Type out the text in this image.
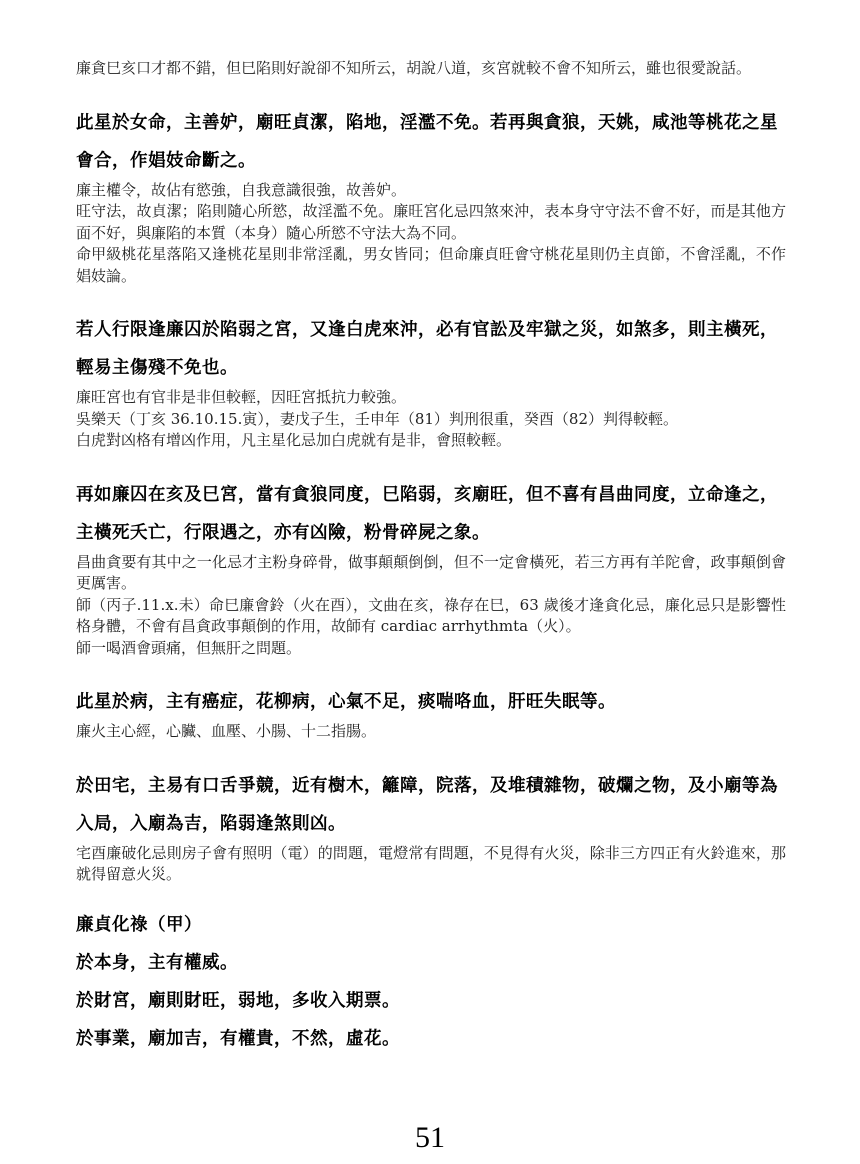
廉貪巳亥口才都不錯，但巳陷則好說卻不知所云，胡說八道，亥宮就較不會不知所云，雖也很愛說話。

此星於女命，主善妒，廟旺貞潔，陷地，淫濫不免。若再與貪狼，天姚，咸池等桃花之星會合，作娼妓命斷之。

廉主權令，故佔有慾強，自我意識很強，故善妒。

旺守法，故貞潔；陷則隨心所慾，故淫濫不免。廉旺宮化忌四煞來沖，表本身守守法不會不好，而是其他方面不好，與廉陷的本質（本身）隨心所慾不守法大為不同。

命甲級桃花星落陷又逢桃花星則非常淫亂，男女皆同；但命廉貞旺會守桃花星則仍主貞節，不會淫亂，不作娼妓論。

若人行限逢廉囚於陷弱之宮，又逢白虎來沖，必有官訟及牢獄之災，如煞多，則主橫死，輕易主傷殘不免也。

廉旺宮也有官非是非但較輕，因旺宮抵抗力較強。

吳樂天（丁亥 36.10.15.寅），妻戊子生，壬申年（81）判刑很重，癸酉（82）判得較輕。

白虎對凶格有增凶作用，凡主星化忌加白虎就有是非，會照較輕。

再如廉囚在亥及巳宮，當有貪狼同度，巳陷弱，亥廟旺，但不喜有昌曲同度，立命逢之，主橫死夭亡，行限遇之，亦有凶險，粉骨碎屍之象。

昌曲貪要有其中之一化忌才主粉身碎骨，做事顛顛倒倒，但不一定會橫死，若三方再有羊陀會，政事顛倒會更厲害。

師（丙子.11.x.未）命巳廉會鈴（火在酉），文曲在亥，祿存在巳，63 歲後才逢貪化忌，廉化忌只是影響性格身體，不會有昌貪政事顛倒的作用，故師有 cardiac arrhythmta（火）。

師一喝酒會頭痛，但無肝之問題。

此星於病，主有癌症，花柳病，心氣不足，痰喘咯血，肝旺失眠等。

廉火主心經，心臟、血壓、小腸、十二指腸。

於田宅，主易有口舌爭競，近有樹木，籬障，院落，及堆積雜物，破爛之物，及小廟等為入局，入廟為吉，陷弱逢煞則凶。

宅酉廉破化忌則房子會有照明（電）的問題，電燈常有問題，不見得有火災，除非三方四正有火鈴進來，那就得留意火災。

廉貞化祿（甲）

於本身，主有權威。

於財宮，廟則財旺，弱地，多收入期票。

於事業，廟加吉，有權貴，不然，虛花。

51
